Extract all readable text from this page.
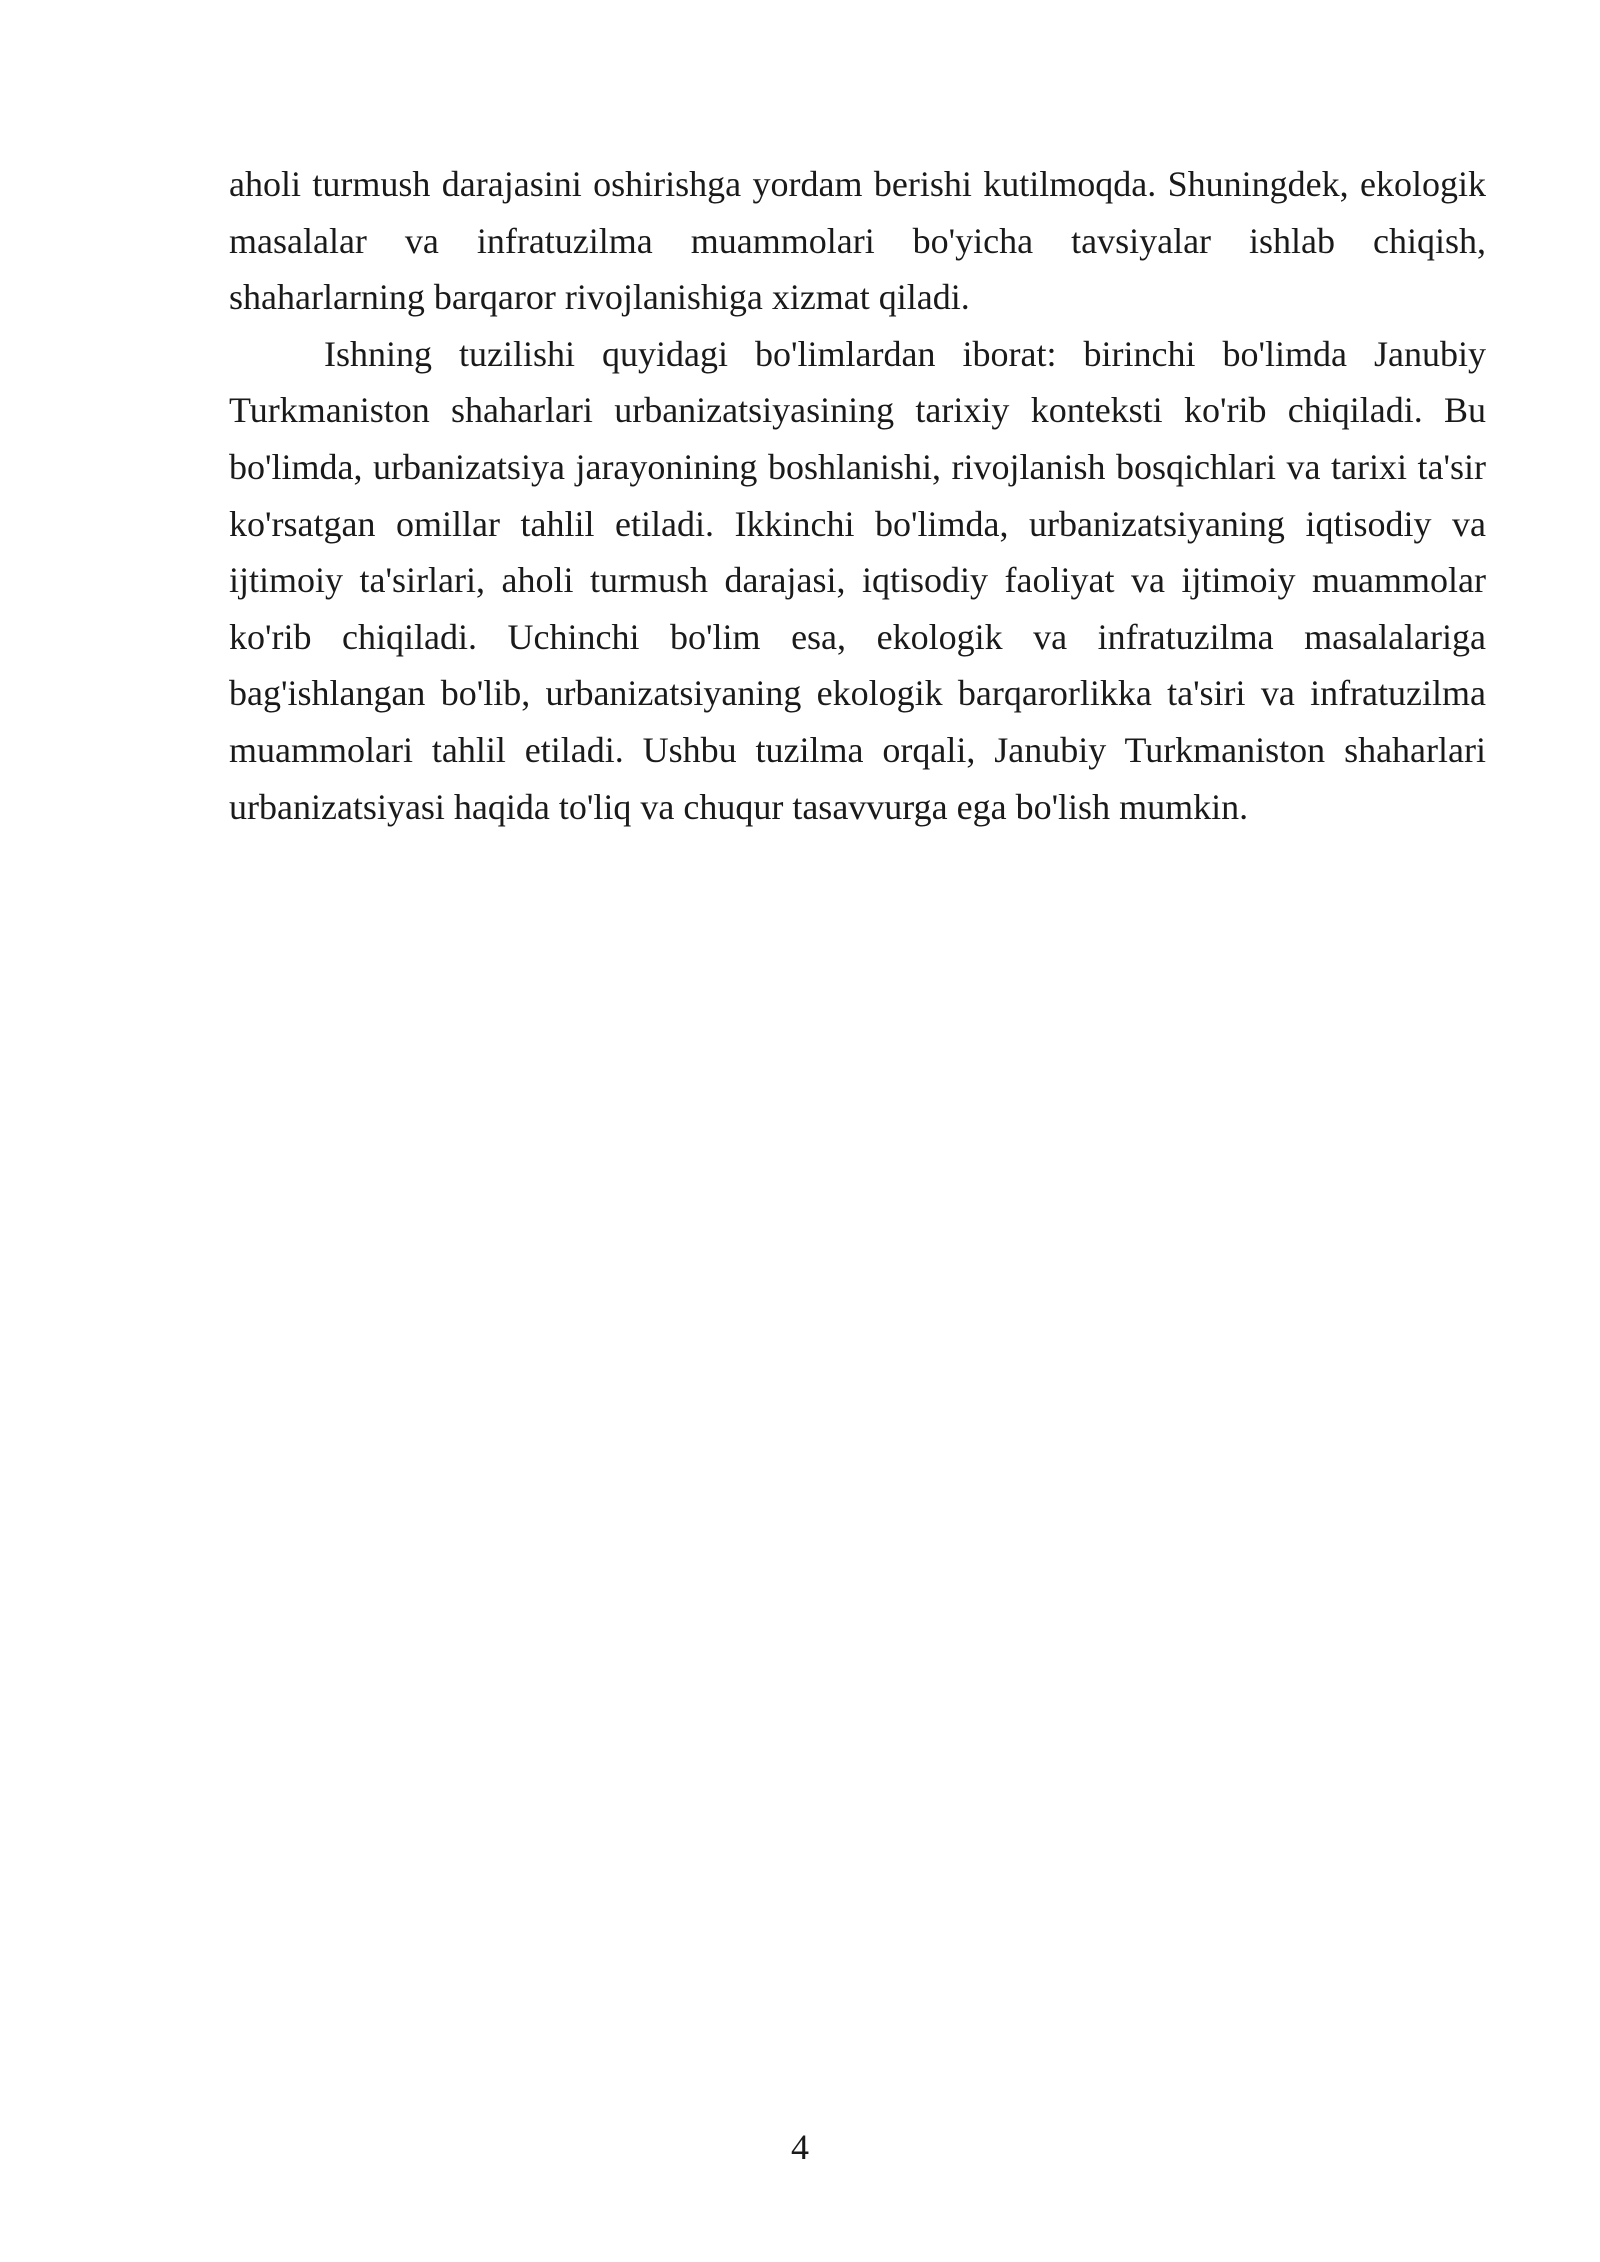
aholi turmush darajasini oshirishga yordam berishi kutilmoqda. Shuningdek, ekologik masalalar va infratuzilma muammolari bo'yicha tavsiyalar ishlab chiqish, shaharlarning barqaror rivojlanishiga xizmat qiladi.

Ishning tuzilishi quyidagi bo'limlardan iborat: birinchi bo'limda Janubiy Turkmaniston shaharlari urbanizatsiyasining tarixiy konteksti ko'rib chiqiladi. Bu bo'limda, urbanizatsiya jarayonining boshlanishi, rivojlanish bosqichlari va tarixi ta'sir ko'rsatgan omillar tahlil etiladi. Ikkinchi bo'limda, urbanizatsiyaning iqtisodiy va ijtimoiy ta'sirlari, aholi turmush darajasi, iqtisodiy faoliyat va ijtimoiy muammolar ko'rib chiqiladi. Uchinchi bo'lim esa, ekologik va infratuzilma masalalariga bag'ishlangan bo'lib, urbanizatsiyaning ekologik barqarorlikka ta'siri va infratuzilma muammolari tahlil etiladi. Ushbu tuzilma orqali, Janubiy Turkmaniston shaharlari urbanizatsiyasi haqida to'liq va chuqur tasavvurga ega bo'lish mumkin.

4
